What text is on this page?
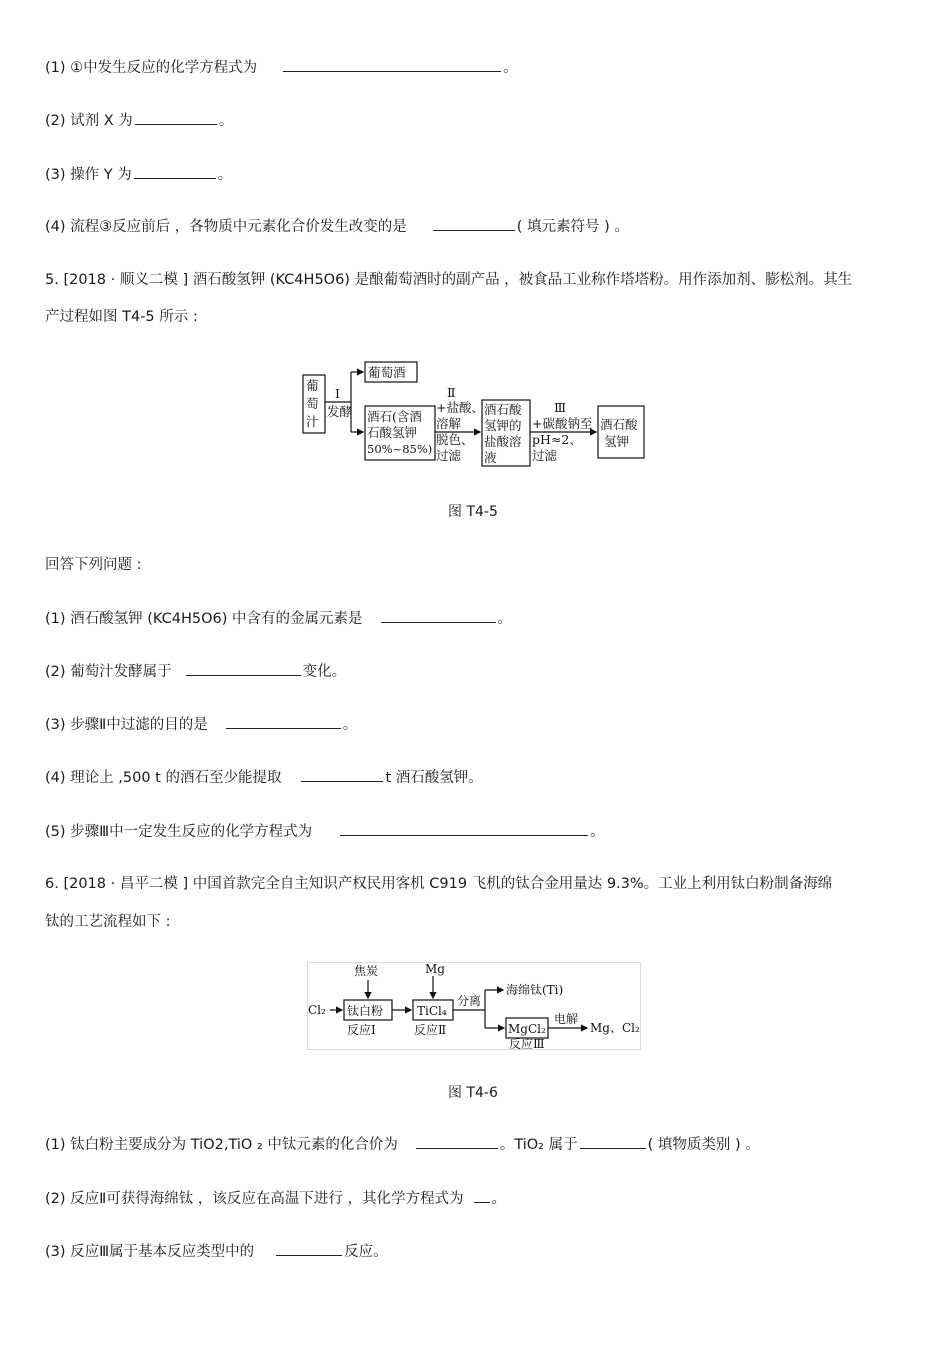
(1) ①中发生反应的化学方程式为	。
(2) 试剂 X 为	。
(3) 操作 Y 为	。
(4) 流程③反应前后 ，各物质中元素化合价发生改变的是	( 填元素符号 ) 。
5. [2018 · 顺义二模 ] 酒石酸氢钾 (KC4H5O6) 是酿葡萄酒时的副产品 ，被食品工业称作塔塔粉。用作添加剂、膨松剂。其生
产过程如图 T4-5 所示 :
葡
萄
汁
I
发酵
葡萄酒
酒石(含酒
石酸氢钾
50%~85%)
Ⅱ
+盐酸、
溶解
脱色、
过滤
酒石酸
氢钾的
盐酸溶
液
Ⅲ
+碳酸钠至
pH≈2、
过滤
酒石酸
氢钾
图 T4-5
回答下列问题 :
(1) 酒石酸氢钾 (KC4H5O6) 中含有的金属元素是	。
(2) 葡萄汁发酵属于	变化。
(3) 步骤Ⅱ中过滤的目的是	。
(4) 理论上 ,500 t 的酒石至少能提取	t 酒石酸氢钾。
(5) 步骤Ⅲ中一定发生反应的化学方程式为	。
6. [2018 · 昌平二模 ] 中国首款完全自主知识产权民用客机 C919 飞机的钛合金用量达 9.3%。工业上利用钛白粉制备海绵
钛的工艺流程如下 :
焦炭	Mg
Cl₂ 钛白粉
反应Ⅰ
TiCl₄
反应Ⅱ
分离
海绵钛(Ti)
MgCl₂
电解
Mg、Cl₂
反应Ⅲ
图 T4-6
(1) 钛白粉主要成分为 TiO2,TiO ₂ 中钛元素的化合价为	。TiO₂ 属于	( 填物质类别 ) 。
(2) 反应Ⅱ可获得海绵钛 ，该反应在高温下进行 ，其化学方程式为 。
(3) 反应Ⅲ属于基本反应类型中的	反应。
